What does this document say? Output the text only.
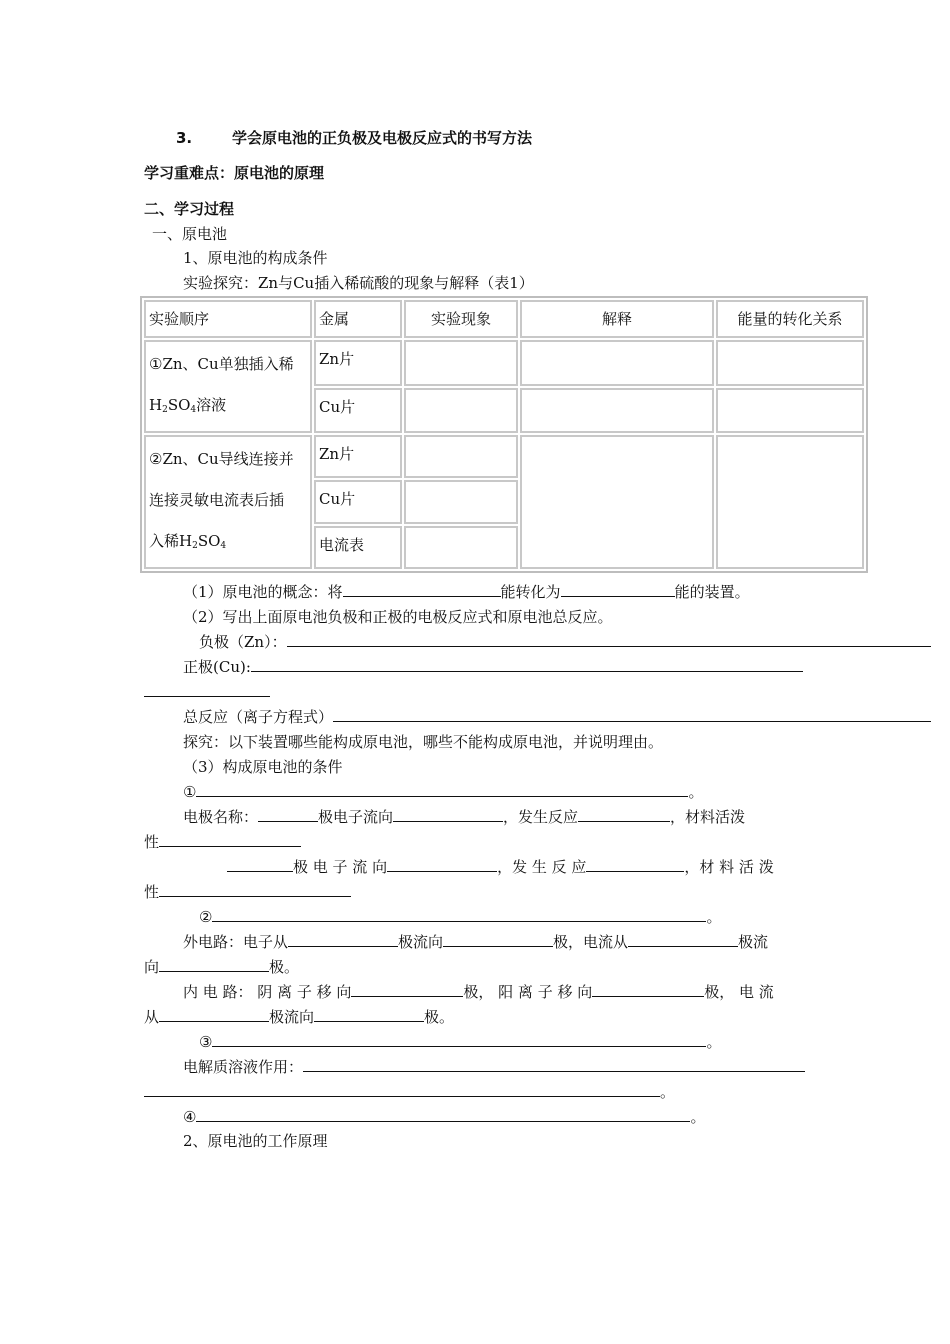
3.	学会原电池的正负极及电极反应式的书写方法
学习重难点：原电池的原理
二、学习过程
一、原电池
1、原电池的构成条件
实验探究：Zn与Cu插入稀硫酸的现象与解释（表1）
实验顺序	金属	实验现象	解释	能量的转化关系

①Zn、Cu单独插入稀
$H_2SO_4$溶液	Zn片			
	Cu片			

②Zn、Cu导线连接并
连接灵敏电流表后插
入稀$H_2SO_4$	Zn片			
	Cu片			
	电流表			
（1）原电池的概念：将	能转化为	能的装置。
（2）写出上面原电池负极和正极的电极反应式和原电池总反应。
负极（Zn）：
正极(Cu):
总反应（离子方程式）
探究：以下装置哪些能构成原电池，哪些不能构成原电池，并说明理由。
（3）构成原电池的条件
①	。
电极名称：	极电子流向	，发生反应	，材料活泼
性
极 电 子 流 向	，发 生 反 应	，材 料 活 泼
性
②	。
外电路：电子从	极流向	极，电流从	极流
向	极。
内 电 路： 阴 离 子 移 向	极， 阳 离 子 移 向	极， 电 流
从	极流向	极。
③	。
电解质溶液作用：
。
④	。
2、原电池的工作原理
